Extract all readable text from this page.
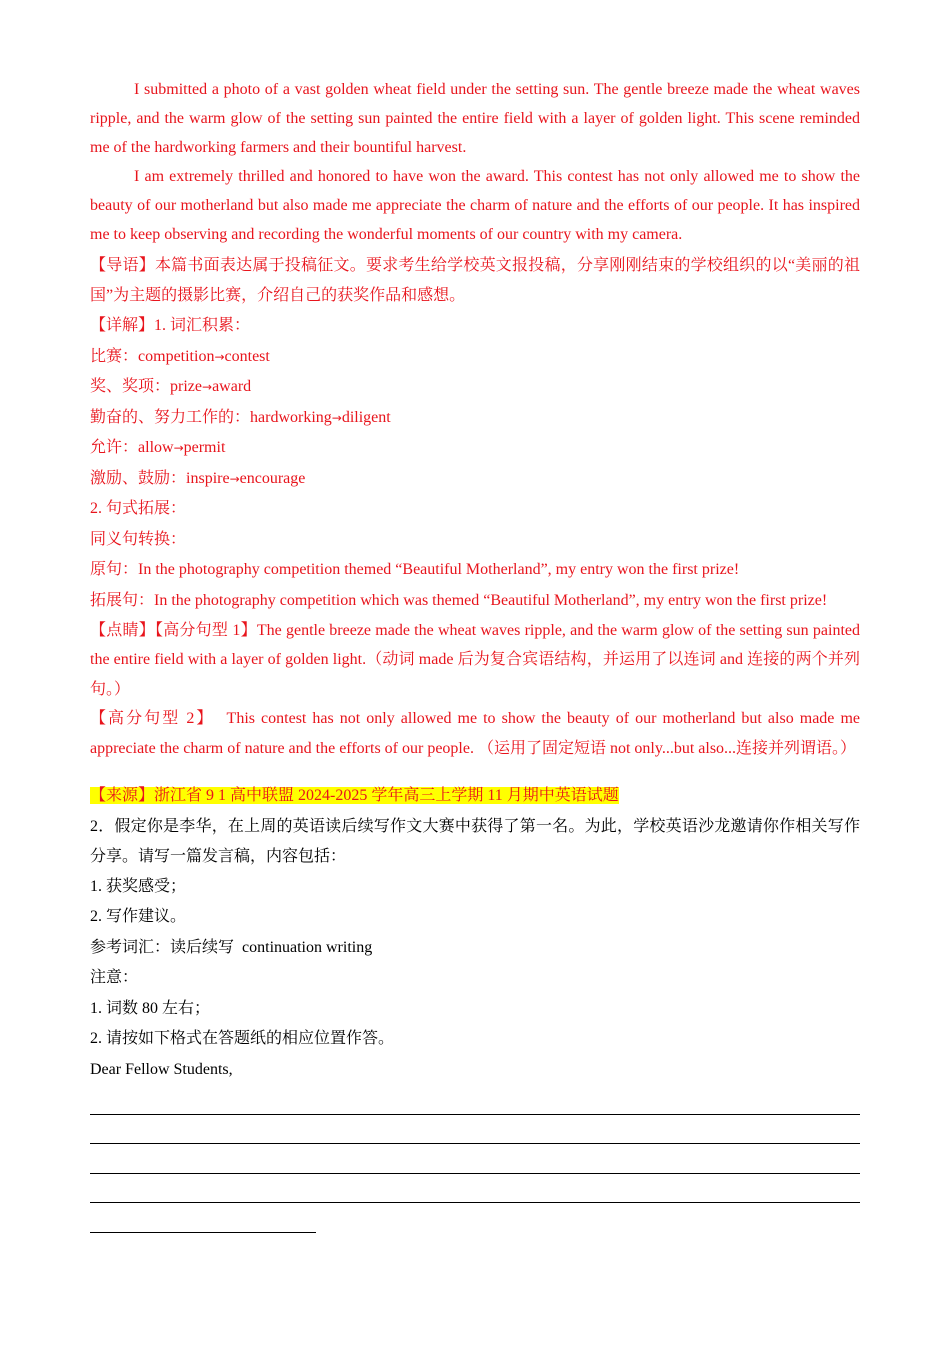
I submitted a photo of a vast golden wheat field under the setting sun. The gentle breeze made the wheat waves ripple, and the warm glow of the setting sun painted the entire field with a layer of golden light. This scene reminded me of the hardworking farmers and their bountiful harvest.

I am extremely thrilled and honored to have won the award. This contest has not only allowed me to show the beauty of our motherland but also made me appreciate the charm of nature and the efforts of our people. It has inspired me to keep observing and recording the wonderful moments of our country with my camera.

【导语】本篇书面表达属于投稿征文。要求考生给学校英文报投稿，分享刚刚结束的学校组织的以“美丽的祖国”为主题的摄影比赛，介绍自己的获奖作品和感想。

【详解】1. 词汇积累：

比赛：competition→contest

奖、奖项：prize→award

勤奋的、努力工作的：hardworking→diligent

允许：allow→permit

激励、鼓励：inspire→encourage

2. 句式拓展：

同义句转换：

原句：In the photography competition themed “Beautiful Motherland”, my entry won the first prize!

拓展句：In the photography competition which was themed “Beautiful Motherland”, my entry won the first prize!

【点睛】【高分句型 1】The gentle breeze made the wheat waves ripple, and the warm glow of the setting sun painted the entire field with a layer of golden light.（动词 made 后为复合宾语结构，并运用了以连词 and 连接的两个并列句。）

【高分句型 2】 This contest has not only allowed me to show the beauty of our motherland but also made me appreciate the charm of nature and the efforts of our people. （运用了固定短语 not only...but also...连接并列谓语。）

【来源】浙江省 9 1 高中联盟 2024-2025 学年高三上学期 11 月期中英语试题

2．假定你是李华，在上周的英语读后续写作文大赛中获得了第一名。为此，学校英语沙龙邀请你作相关写作分享。请写一篇发言稿，内容包括：

1. 获奖感受；

2. 写作建议。

参考词汇：读后续写 continuation writing

注意：

1. 词数 80 左右；

2. 请按如下格式在答题纸的相应位置作答。

Dear Fellow Students,
